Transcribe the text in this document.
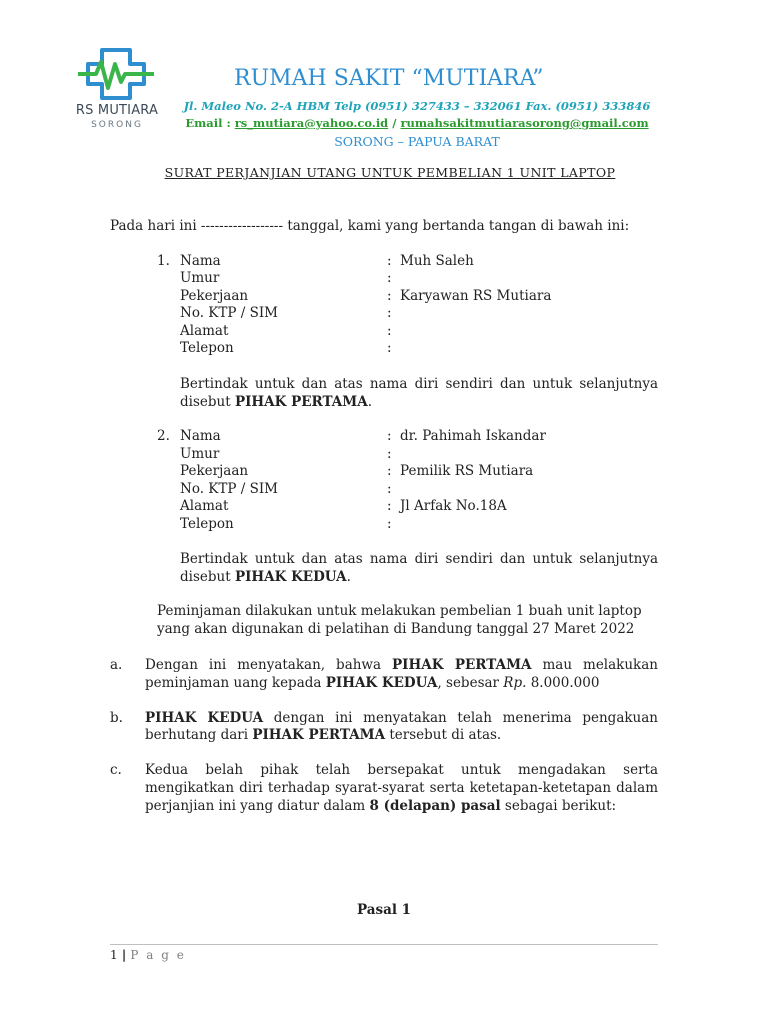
RS MUTIARA
SORONG
RUMAH SAKIT “MUTIARA”
Jl. Maleo No. 2-A HBM Telp (0951) 327433 – 332061 Fax. (0951) 333846
Email : rs_mutiara@yahoo.co.id / rumahsakitmutiarasorong@gmail.com
SORONG – PAPUA BARAT
SURAT PERJANJIAN UTANG UNTUK PEMBELIAN 1 UNIT LAPTOP
Pada hari ini ------------------ tanggal, kami yang bertanda tangan di bawah ini:
1. Nama	: Muh Saleh
Umur	:
Pekerjaan	: Karyawan RS Mutiara
No. KTP / SIM	:
Alamat	:
Telepon	:
Bertindak untuk dan atas nama diri sendiri dan untuk selanjutnya
disebut PIHAK PERTAMA.
2. Nama	: dr. Pahimah Iskandar
Umur	:
Pekerjaan	: Pemilik RS Mutiara
No. KTP / SIM	:
Alamat	: Jl Arfak No.18A
Telepon	:
Bertindak untuk dan atas nama diri sendiri dan untuk selanjutnya
disebut PIHAK KEDUA.
Peminjaman dilakukan untuk melakukan pembelian 1 buah unit laptop
yang akan digunakan di pelatihan di Bandung tanggal 27 Maret 2022
a. Dengan ini menyatakan, bahwa PIHAK PERTAMA mau melakukan
peminjaman uang kepada PIHAK KEDUA, sebesar Rp. 8.000.000
b. PIHAK KEDUA dengan ini menyatakan telah menerima pengakuan
berhutang dari PIHAK PERTAMA tersebut di atas.
c. Kedua belah pihak telah bersepakat untuk mengadakan serta
mengikatkan diri terhadap syarat-syarat serta ketetapan-ketetapan dalam
perjanjian ini yang diatur dalam 8 (delapan) pasal sebagai berikut:
Pasal 1
1 | P a g e
